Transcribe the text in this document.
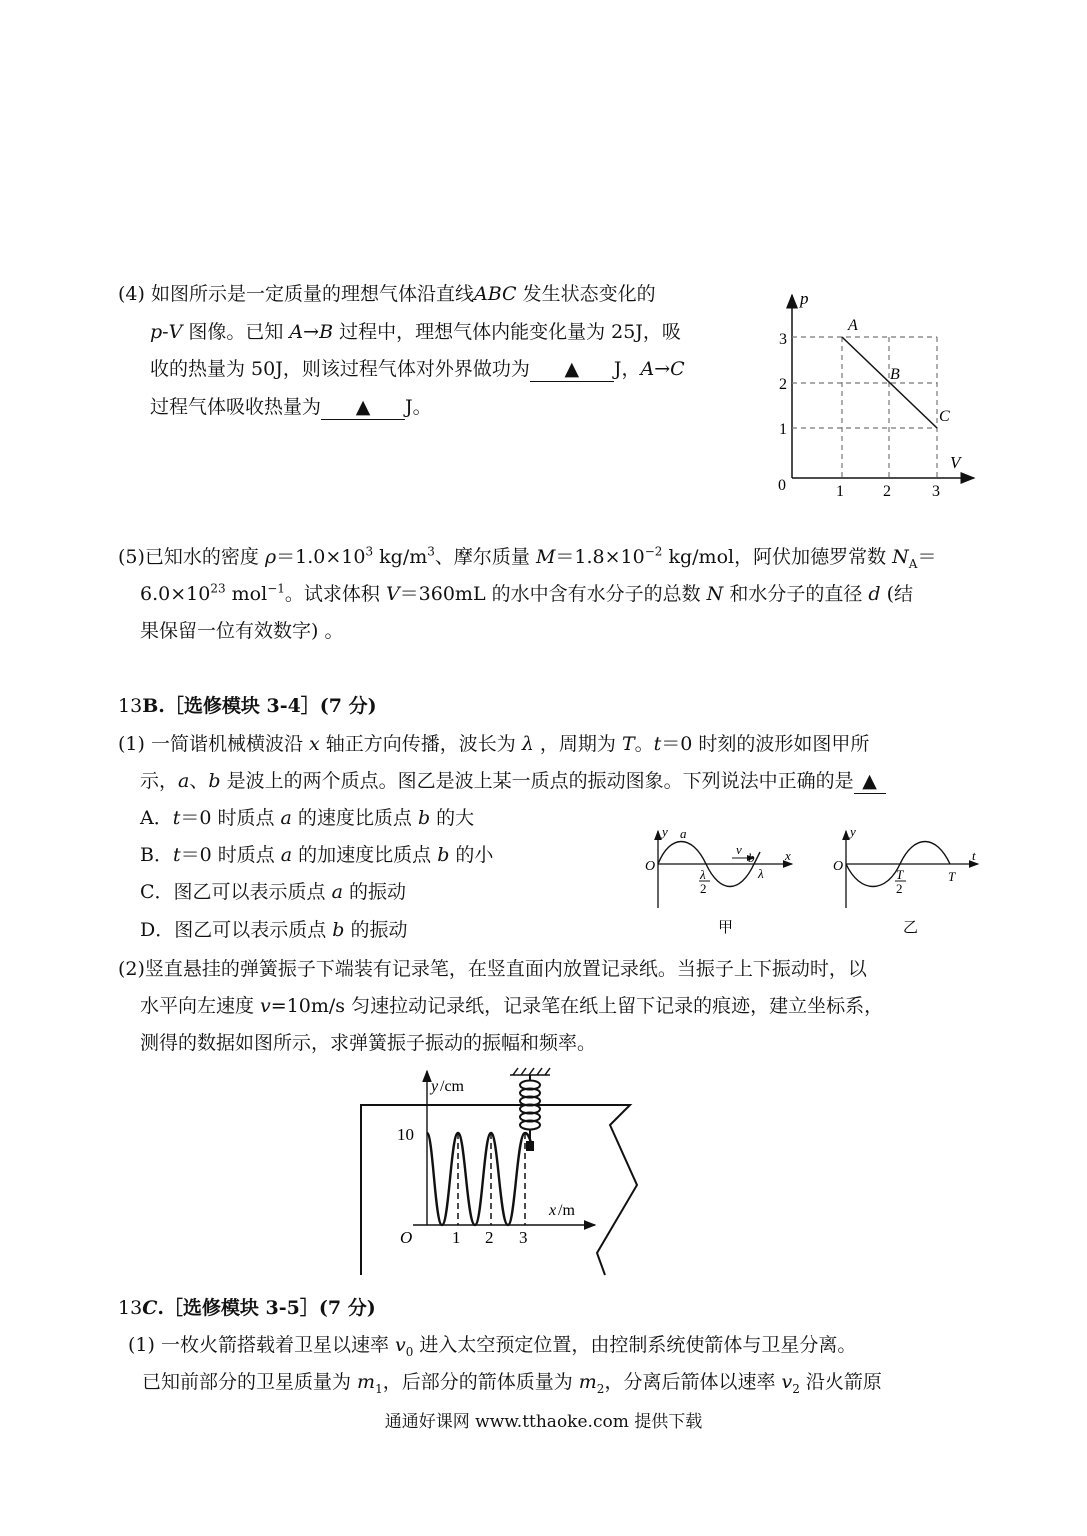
(4) 如图所示是一定质量的理想气体沿直线ABC 发生状态变化的
p-V 图像。已知 A→B 过程中，理想气体内能变化量为 25J，吸
收的热量为 50J，则该过程气体对外界做功为 ▲ J，A→C
过程气体吸收热量为 ▲ J。
p
V
0
1
2
3
1 2	3
A
B
C
(5)已知水的密度 $\rho=1.0\times 10^3$ $kg/m^3$、摩尔质量 $M=1.8\times 10^{-2}$ kg/mol，阿伏加德罗常数 $N_A=$
$6.0\times 10^{23}$ mol$^{-1}$。试求体积 V＝360mL 的水中含有水分子的总数 N 和水分子的直径 d (结
果保留一位有效数字) 。
13B.［选修模块 3-4］(7 分)
(1) 一简谐机械横波沿 x 轴正方向传播，波长为 λ ，周期为 T。t＝0 时刻的波形如图甲所
示，a、b 是波上的两个质点。图乙是波上某一质点的振动图象。下列说法中正确的是 ▲
A．t＝0 时质点 a 的速度比质点 b 的大
B．t＝0 时质点 a 的加速度比质点 b 的小
C．图乙可以表示质点 a 的振动
D．图乙可以表示质点 b 的振动
y a
v
O
λ
2
b
λ
x
甲
y
O
T
2
T
t
乙
(2)竖直悬挂的弹簧振子下端装有记录笔，在竖直面内放置记录纸。当振子上下振动时，以
水平向左速度 v=10m/s 匀速拉动记录纸，记录笔在纸上留下记录的痕迹，建立坐标系，
测得的数据如图所示，求弹簧振子振动的振幅和频率。
y /cm
10
O 1 2 3
x /m
13C.［选修模块 3-5］(7 分)
(1) 一枚火箭搭载着卫星以速率 $v_0$ 进入太空预定位置，由控制系统使箭体与卫星分离。
已知前部分的卫星质量为 $m_1$，后部分的箭体质量为 $m_2$，分离后箭体以速率 $v_2$ 沿火箭原
通通好课网 www.tthaoke.com 提供下载
